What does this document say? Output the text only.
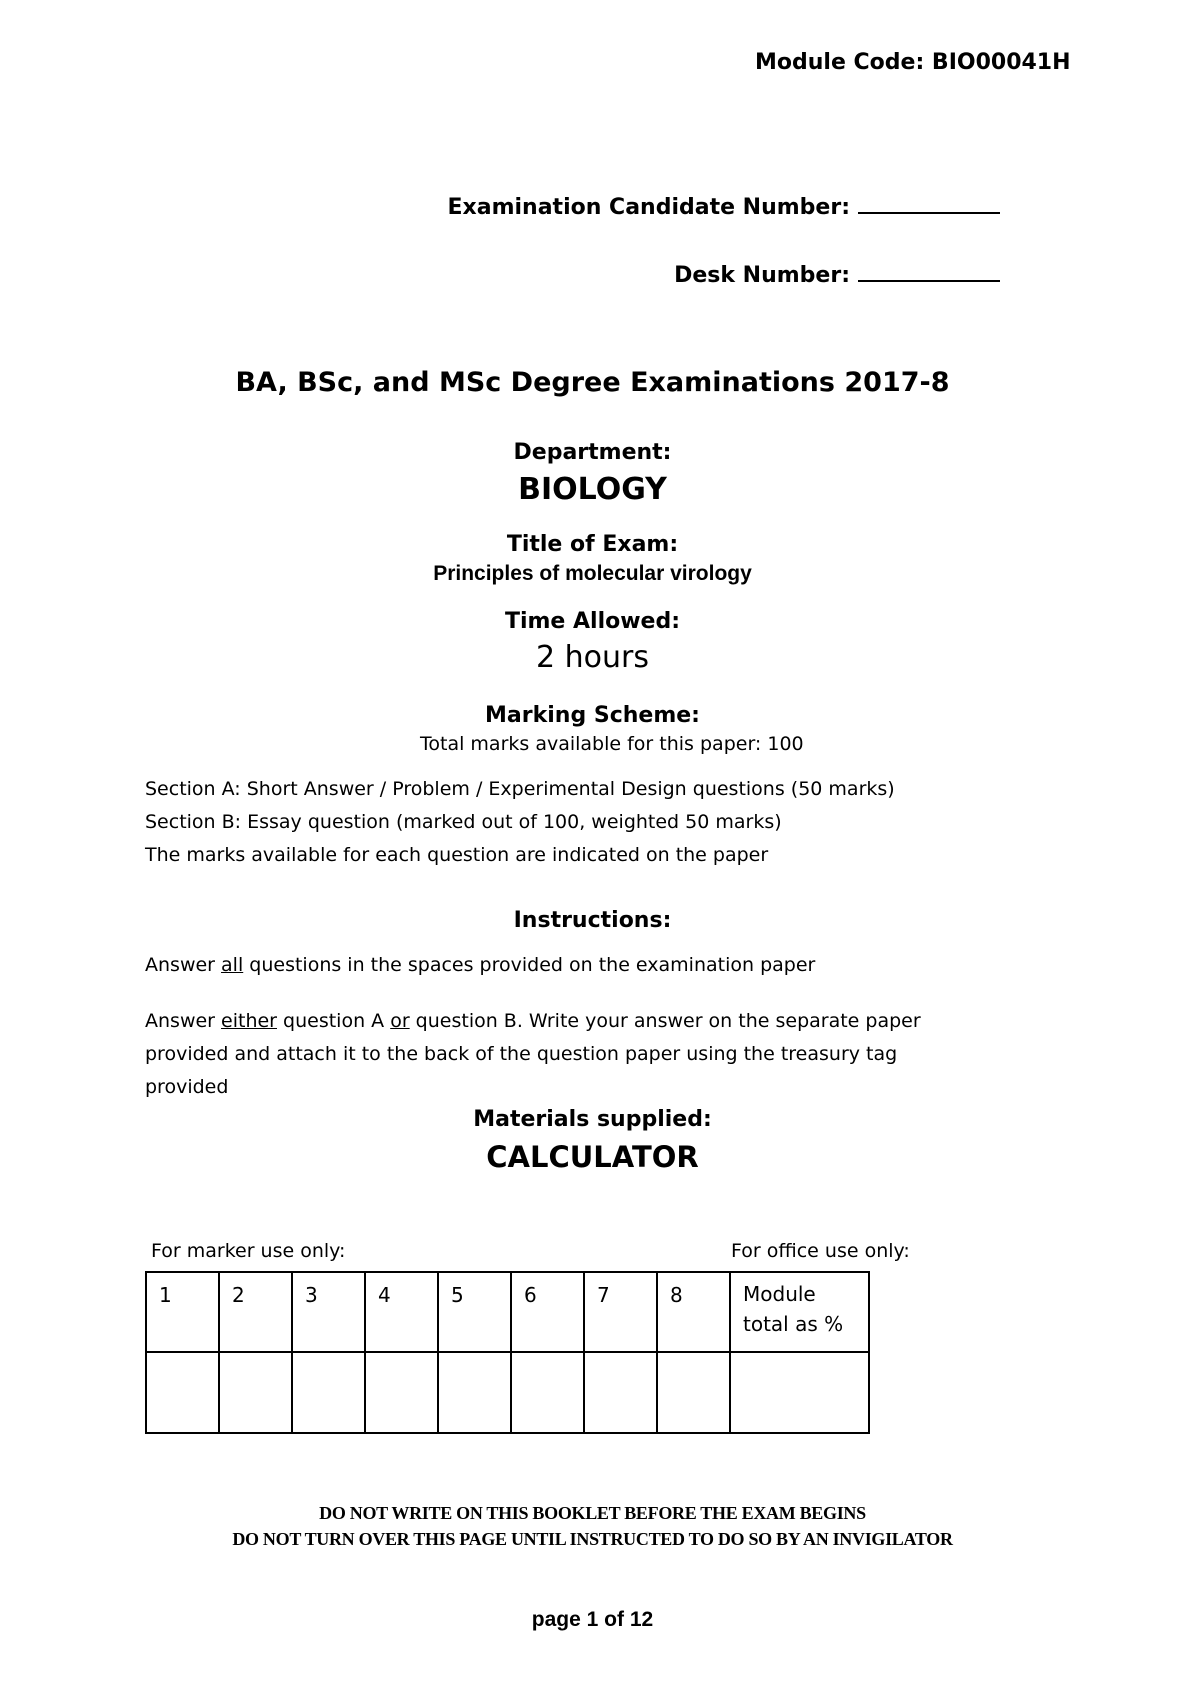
Module Code: BIO00041H
Examination Candidate Number:
Desk Number:
BA, BSc, and MSc Degree Examinations 2017-8
Department:
BIOLOGY
Title of Exam:
Principles of molecular virology
Time Allowed:
2 hours
Marking Scheme:
Total marks available for this paper: 100
Section A: Short Answer / Problem / Experimental Design questions (50 marks)
Section B: Essay question (marked out of 100, weighted 50 marks)
The marks available for each question are indicated on the paper
Instructions:
Answer all questions in the spaces provided on the examination paper
Answer either question A or question B. Write your answer on the separate paper provided and attach it to the back of the question paper using the treasury tag provided
Materials supplied:
CALCULATOR
For marker use only:	For office use only:
1	2	3	4	5	6	7	8	Module total as %

DO NOT WRITE ON THIS BOOKLET BEFORE THE EXAM BEGINS
DO NOT TURN OVER THIS PAGE UNTIL INSTRUCTED TO DO SO BY AN INVIGILATOR
page 1 of 12
